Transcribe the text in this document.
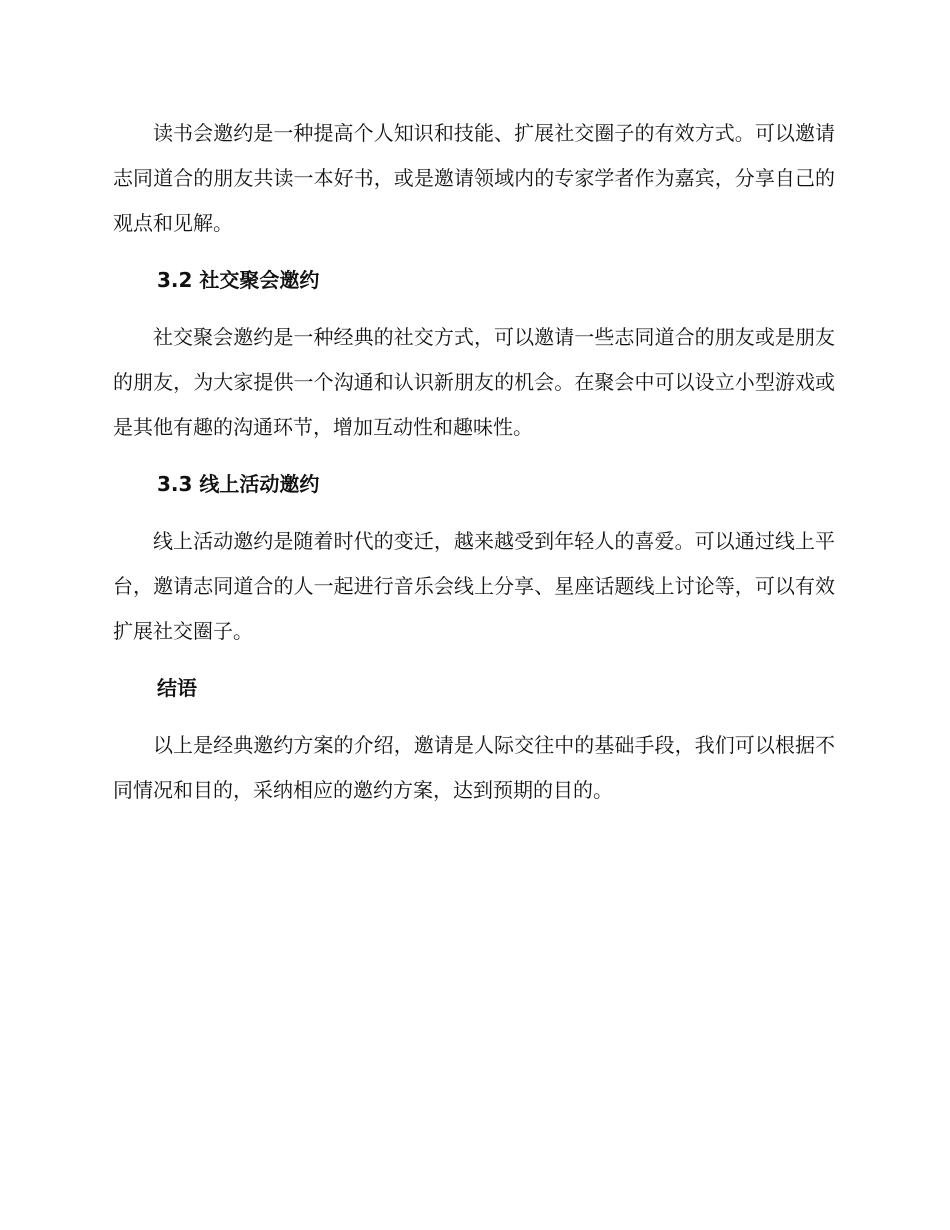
读书会邀约是一种提高个人知识和技能、扩展社交圈子的有效方式。可以邀请志同道合的朋友共读一本好书，或是邀请领域内的专家学者作为嘉宾，分享自己的观点和见解。

3.2 社交聚会邀约

社交聚会邀约是一种经典的社交方式，可以邀请一些志同道合的朋友或是朋友的朋友，为大家提供一个沟通和认识新朋友的机会。在聚会中可以设立小型游戏或是其他有趣的沟通环节，增加互动性和趣味性。

3.3 线上活动邀约

线上活动邀约是随着时代的变迁，越来越受到年轻人的喜爱。可以通过线上平台，邀请志同道合的人一起进行音乐会线上分享、星座话题线上讨论等，可以有效扩展社交圈子。

结语

以上是经典邀约方案的介绍，邀请是人际交往中的基础手段，我们可以根据不同情况和目的，采纳相应的邀约方案，达到预期的目的。
